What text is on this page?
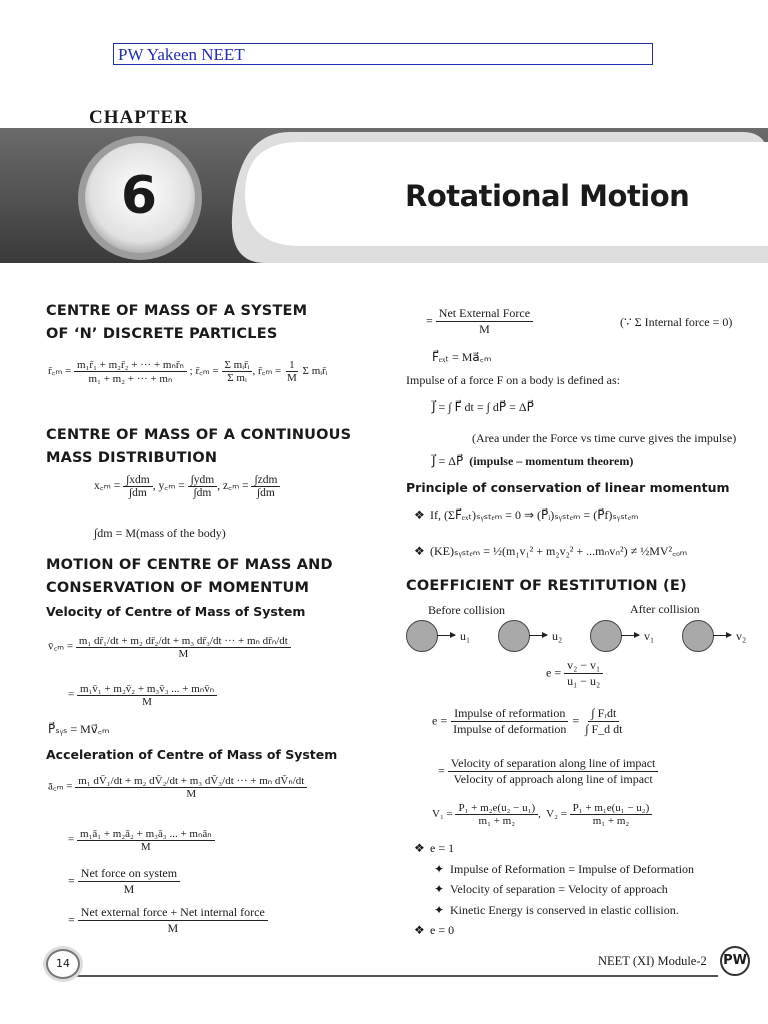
PW Yakeen NEET
CHAPTER
6	Rotational Motion
CENTRE OF MASS OF A SYSTEM
OF ‘N’ DISCRETE PARTICLES
r̄꜀ₘ = $\frac{\text{m₁r̄₁ + m₂r̄₂ + ··· + mₙr̄ₙ}}{\text{m₁ + m₂ + ··· + mₙ}}$ ; r̄꜀ₘ = $\frac{\text{Σ mᵢr̄ᵢ}}{\text{Σ mᵢ}}$ , r̄꜀ₘ = $\frac{1}{M}$ Σ mᵢr̄ᵢ
CENTRE OF MASS OF A CONTINUOUS
MASS DISTRIBUTION
x꜀ₘ = $\frac{\text{∫xdm}}{\int dm}$ , y꜀ₘ = $\frac{\text{∫ydm}}{\int dm}$ , z꜀ₘ = $\frac{\text{∫zdm}}{\int dm}$
∫dm = M(mass of the body)
MOTION OF CENTRE OF MASS AND
CONSERVATION OF MOMENTUM
Velocity of Centre of Mass of System
v̄꜀ₘ = $\frac{\text{m₁ dr̄₁/dt + m₂ dr̄₂/dt + m₃ dr̄₃/dt ··· + mₙ dr̄ₙ/dt}}{M}$
= $\frac{\text{m₁v̄₁ + m₂v̄₂ + m₃v̄₃ ... + mₙv̄ₙ}}{M}$
P⃗ₛᵧₛ = Mv⃗꜀ₘ
Acceleration of Centre of Mass of System
ā꜀ₘ = $\frac{\text{m₁ dV̄₁/dt + m₂ dV̄₂/dt + m₃ dV̄₃/dt ··· + mₙ dV̄ₙ/dt}}{M}$
= $\frac{\text{m₁ā₁ + m₂ā₂ + m₃ā₃ ... + mₙāₙ}}{M}$
= $\frac{\text{Net force on system}}{M}$
= $\frac{\text{Net external force + Net internal force}}{M}$
= $\frac{\text{Net External Force}}{M}$	(∵ Σ Internal force = 0)
F⃗ₑₓₜ = Ma⃗꜀ₘ
Impulse of a force F on a body is defined as:
J⃗ = ∫ F⃗ dt = ∫ dP⃗ = ΔP⃗
(Area under the Force vs time curve gives the impulse)
J⃗ = ΔP⃗ (impulse – momentum theorem)
Principle of conservation of linear momentum
❖ If, (ΣF⃗ₑₓₜ)ₛᵧₛₜₑₘ = 0 ⇒ (P⃗ᵢ)ₛᵧₛₜₑₘ = (P⃗f)ₛᵧₛₜₑₘ
❖ (KE)ₛᵧₛₜₑₘ = ½(m₁v₁² + m₂v₂² + ...mₙvₙ²) ≠ ½MV²꜀ₒₘ
COEFFICIENT OF RESTITUTION (E)
Before collision	After collision
u₁	u₂	v₁	v₂
$e = \frac{\text{v₂ − v₁}}{\text{u₁ − u₂}}$
$e = \frac{\text{Impulse of reformation}}{\text{Impulse of deformation}} = \frac{\text{∫ Fᵣdt}}{\text{∫ F\_d dt}}$
= $\frac{\text{Velocity of separation along line of impact}}{\text{Velocity of approach along line of impact}}$
$V_1 = \frac{\text{P₁ + m₂e(u₂ − u₁)}}{\text{m₁ + m₂}}$ ,  $V_2 = \frac{\text{P₁ + m₁e(u₁ − u₂)}}{\text{m₁ + m₂}}$
❖ e = 1
✦ Impulse of Reformation = Impulse of Deformation
✦ Velocity of separation = Velocity of approach
✦ Kinetic Energy is conserved in elastic collision.
❖ e = 0
14	NEET (XI) Module-2 PW
